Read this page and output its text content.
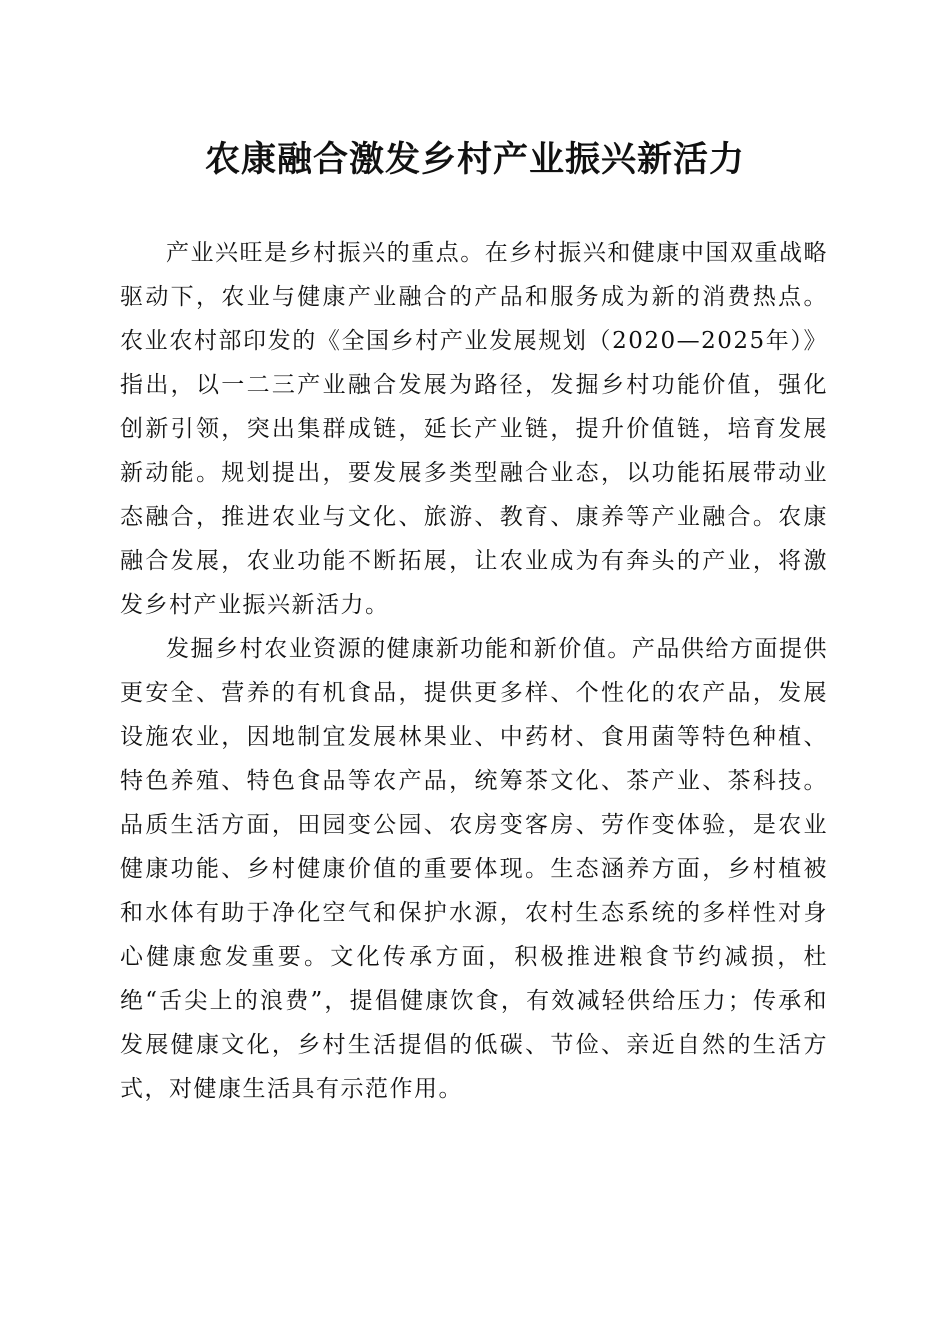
农康融合激发乡村产业振兴新活力

产业兴旺是乡村振兴的重点。在乡村振兴和健康中国双重战略驱动下，农业与健康产业融合的产品和服务成为新的消费热点。农业农村部印发的《全国乡村产业发展规划（2020—2025年）》指出，以一二三产业融合发展为路径，发掘乡村功能价值，强化创新引领，突出集群成链，延长产业链，提升价值链，培育发展新动能。规划提出，要发展多类型融合业态，以功能拓展带动业态融合，推进农业与文化、旅游、教育、康养等产业融合。农康融合发展，农业功能不断拓展，让农业成为有奔头的产业，将激发乡村产业振兴新活力。

发掘乡村农业资源的健康新功能和新价值。产品供给方面提供更安全、营养的有机食品，提供更多样、个性化的农产品，发展设施农业，因地制宜发展林果业、中药材、食用菌等特色种植、特色养殖、特色食品等农产品，统筹茶文化、茶产业、茶科技。品质生活方面，田园变公园、农房变客房、劳作变体验，是农业健康功能、乡村健康价值的重要体现。生态涵养方面，乡村植被和水体有助于净化空气和保护水源，农村生态系统的多样性对身心健康愈发重要。文化传承方面，积极推进粮食节约减损，杜绝“舌尖上的浪费”，提倡健康饮食，有效减轻供给压力；传承和发展健康文化，乡村生活提倡的低碳、节俭、亲近自然的生活方式，对健康生活具有示范作用。
